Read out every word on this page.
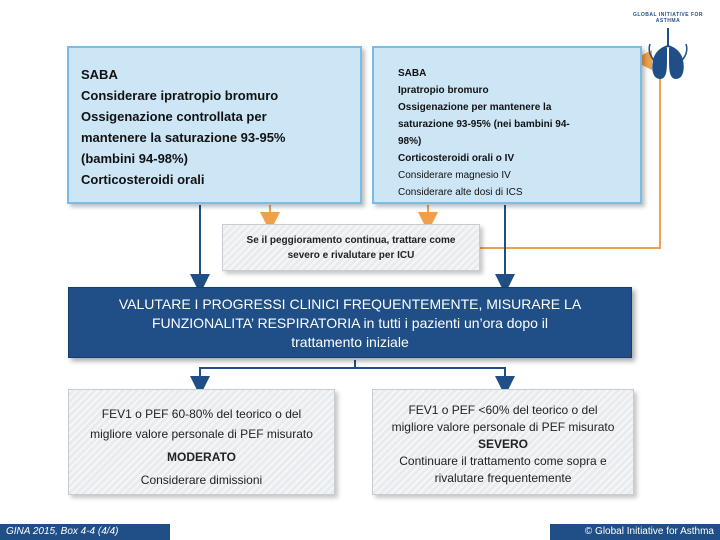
SABA
Considerare ipratropio bromuro
Ossigenazione controllata per
mantenere la saturazione 93-95%
(bambini 94-98%)
Corticosteroidi orali
SABA
Ipratropio bromuro
Ossigenazione per mantenere la
saturazione 93-95% (nei bambini 94-
98%)
Corticosteroidi orali o IV
Considerare magnesio IV
Considerare alte dosi di ICS
GLOBAL INITIATIVE FOR ASTHMA
Se il peggioramento continua, trattare come
severo e rivalutare per ICU
VALUTARE I PROGRESSI CLINICI FREQUENTEMENTE, MISURARE LA
FUNZIONALITA’ RESPIRATORIA in tutti i pazienti un’ora dopo il
trattamento iniziale
FEV1 o PEF 60-80% del teorico o del
migliore valore personale di PEF misurato
MODERATO
Considerare dimissioni
FEV1 o PEF <60% del teorico o del
migliore valore personale di PEF misurato
SEVERO
Continuare il trattamento come sopra e
rivalutare frequentemente
GINA 2015, Box 4-4 (4/4)	© Global Initiative for Asthma
